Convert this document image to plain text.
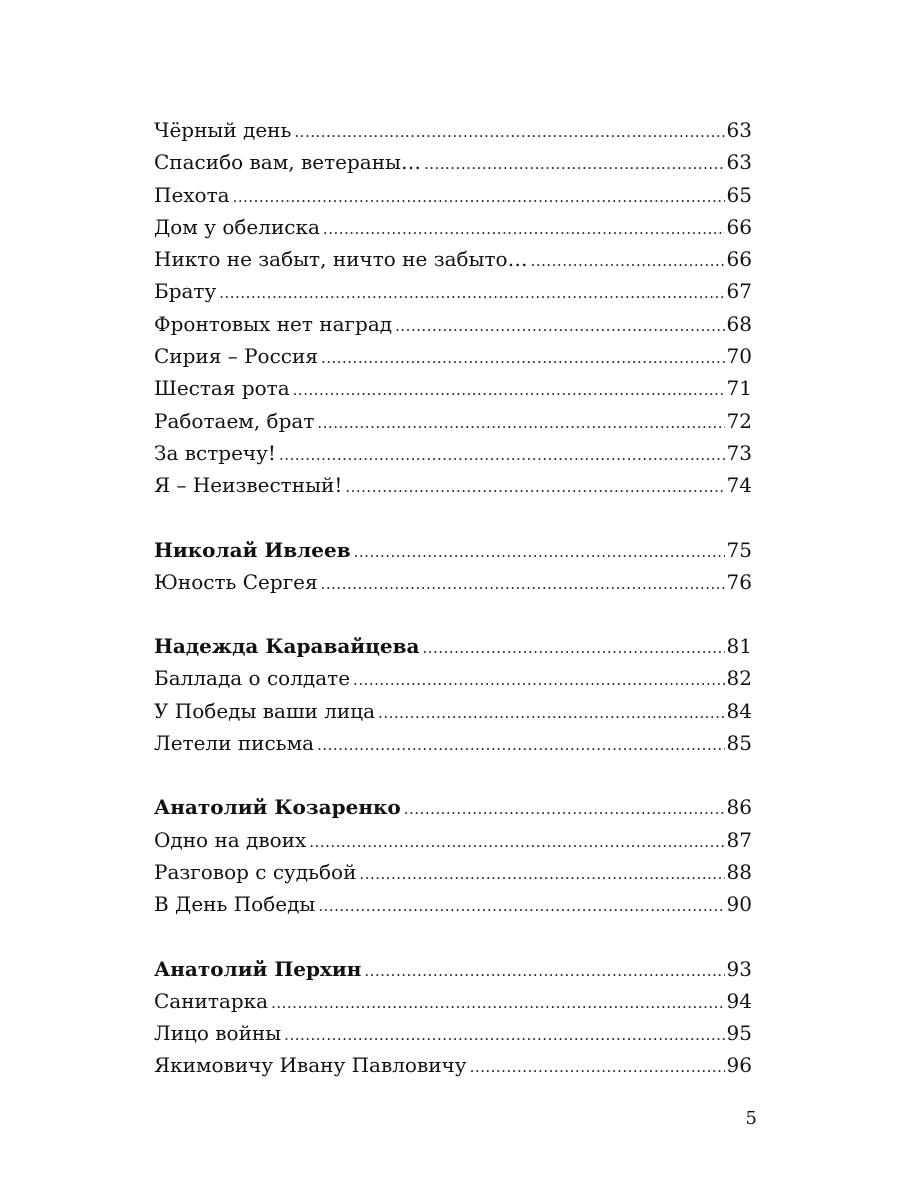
Чёрный день .....	63
Спасибо вам, ветераны… .....	63
Пехота .....	65
Дом у обелиска .....	66
Никто не забыт, ничто не забыто… .....	66
Брату .....	67
Фронтовых нет наград .....	68
Сирия – Россия .....	70
Шестая рота .....	71
Работаем, брат .....	72
За встречу! .....	73
Я – Неизвестный! .....	74
Николай Ивлеев .....	75
Юность Сергея .....	76
Надежда Каравайцева .....	81
Баллада о солдате .....	82
У Победы ваши лица .....	84
Летели письма .....	85
Анатолий Козаренко .....	86
Одно на двоих .....	87
Разговор с судьбой .....	88
В День Победы .....	90
Анатолий Перхин .....	93
Санитарка .....	94
Лицо войны .....	95
Якимовичу Ивану Павловичу .....	96
5
